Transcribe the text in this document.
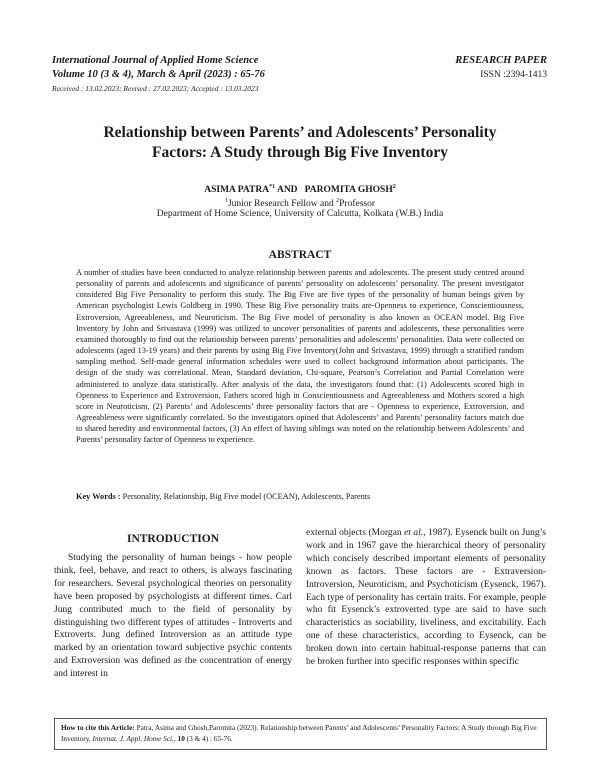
International Journal of Applied Home Science
Volume 10 (3 & 4), March & April (2023) : 65-76
Received : 13.02.2023; Revised : 27.02.2023; Accepted : 13.03.2023
RESEARCH PAPER
ISSN :2394-1413
Relationship between Parents’ and Adolescents’ Personality
Factors: A Study through Big Five Inventory
ASIMA PATRA$^{*1}$ AND PAROMITA GHOSH$^2$
$^1$Junior Research Fellow and $^2$Professor
Department of Home Science, University of Calcutta, Kolkata (W.B.) India
ABSTRACT
A number of studies have been conducted to analyze relationship between parents and adolescents. The present study centred around personality of parents and adolescents and significance of parents’ personality on adolescents’ personality. The present investigator considered Big Five Personality to perform this study. The Big Five are five types of the personality of human beings given by American psychologist Lewis Goldberg in 1990. These Big Five personality traits are-Openness to experience, Conscientiousness, Extroversion, Agreeableness, and Neuroticism. The Big Five model of personality is also known as OCEAN model. Big Five Inventory by John and Srivastava (1999) was utilized to uncover personalities of parents and adolescents, these personalities were examined thoroughly to find out the relationship between parents’ personalities and adolescents’ personalities. Data were collected on adolescents (aged 13-19 years) and their parents by using Big Five Inventory(John and Srivastava, 1999) through a stratified random sampling method. Self-made general information schedules were used to collect background information about participants. The design of the study was correlational. Mean, Standard deviation, Chi-square, Pearson’s Correlation and Partial Correlation were administered to analyze data statistically. After analysis of the data, the investigators found that: (1) Adolescents scored high in Openness to Experience and Extroversion, Fathers scored high in Conscientiousness and Agreeableness and Mothers scored a high score in Neuroticism, (2) Parents’ and Adolescents’ three personality factors that are - Openness to experience, Extroversion, and Agreeableness were significantly correlated. So the investigators opined that Adolescents’ and Parents’ personality factors match due to shared heredity and environmental factors, (3) An effect of having siblings was noted on the relationship between Adolescents’ and Parents’ personality factor of Openness to experience.
Key Words : Personality, Relationship, Big Five model (OCEAN), Adolescents, Parents
INTRODUCTION
Studying the personality of human beings - how people think, feel, behave, and react to others, is always fascinating for researchers. Several psychological theories on personality have been proposed by psychologists at different times. Carl Jung contributed much to the field of personality by distinguishing two different types of attitudes - Introverts and Extroverts. Jung defined Introversion as an attitude type marked by an orientation toward subjective psychic contents and Extroversion was defined as the concentration of energy and interest in
external objects (Morgan et al., 1987). Eysenck built on Jung’s work and in 1967 gave the hierarchical theory of personality which concisely described important elements of personality known as factors. These factors are - Extraversion-Introversion, Neuroticism, and Psychoticism (Eysenck, 1967). Each type of personality has certain traits. For example, people who fit Eysenck’s extroverted type are said to have such characteristics as sociability, liveliness, and excitability. Each one of these characteristics, according to Eysenck, can be broken down into certain habitual-response patterns that can be broken further into specific responses within specific
How to cite this Article: Patra, Asima and Ghosh,Paromita (2023). Relationship between Parents’ and Adolescents’ Personality Factors: A Study through Big Five Inventory. Internat. J. Appl. Home Sci., 10 (3 & 4) : 65-76.
